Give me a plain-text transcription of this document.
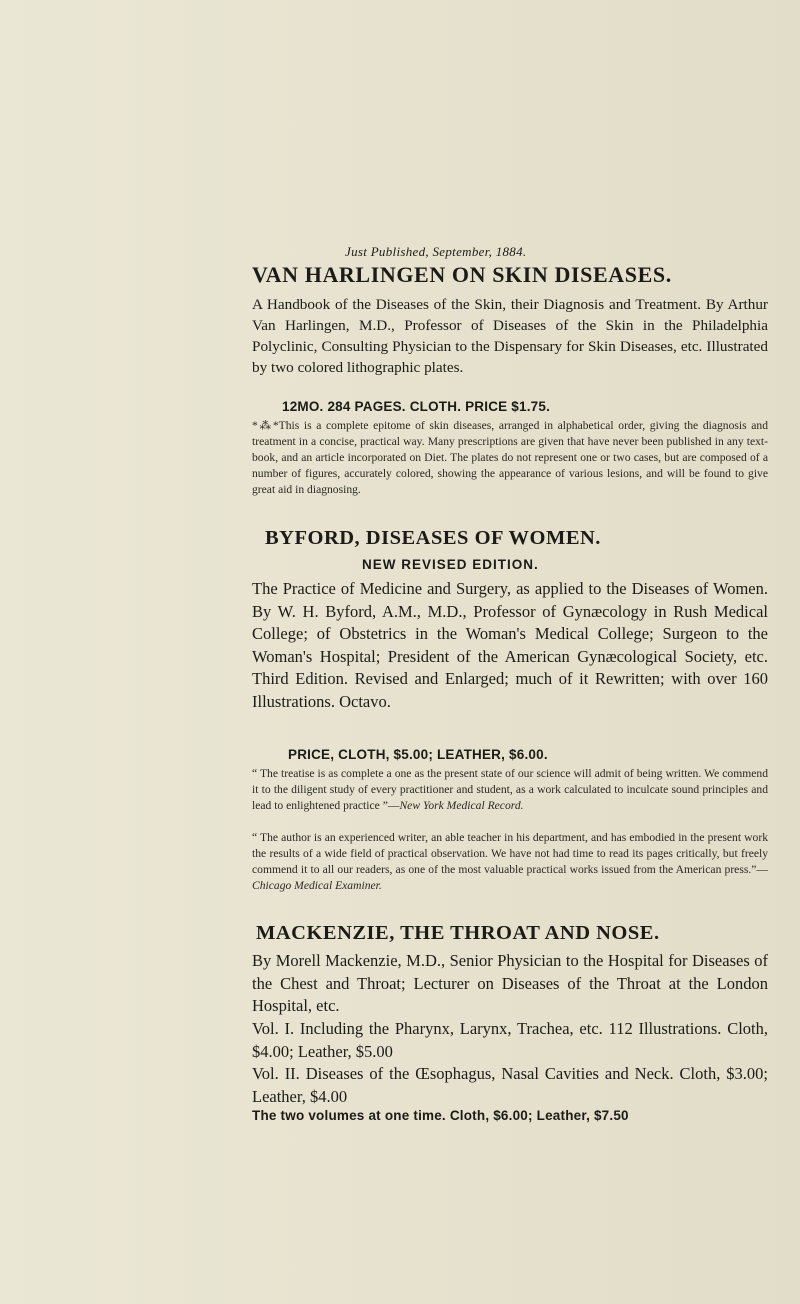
Just Published, September, 1884.
VAN HARLINGEN ON SKIN DISEASES.
A Handbook of the Diseases of the Skin, their Diagnosis and Treatment. By Arthur Van Harlingen, M.D., Professor of Diseases of the Skin in the Philadelphia Polyclinic, Consulting Physician to the Dispensary for Skin Diseases, etc. Illustrated by two colored lithographic plates.
12MO. 284 PAGES. CLOTH. PRICE $1.75.
*⁂*This is a complete epitome of skin diseases, arranged in alphabetical order, giving the diagnosis and treatment in a concise, practical way. Many prescriptions are given that have never been published in any text-book, and an article incorporated on Diet. The plates do not represent one or two cases, but are composed of a number of figures, accurately colored, showing the appearance of various lesions, and will be found to give great aid in diagnosing.
BYFORD, DISEASES OF WOMEN.
NEW REVISED EDITION.
The Practice of Medicine and Surgery, as applied to the Diseases of Women. By W. H. Byford, A.M., M.D., Professor of Gynæcology in Rush Medical College; of Obstetrics in the Woman's Medical College; Surgeon to the Woman's Hospital; President of the American Gynæcological Society, etc. Third Edition. Revised and Enlarged; much of it Rewritten; with over 160 Illustrations. Octavo.
PRICE, CLOTH, $5.00; LEATHER, $6.00.
“ The treatise is as complete a one as the present state of our science will admit of being written. We commend it to the diligent study of every practitioner and student, as a work calculated to inculcate sound principles and lead to enlightened practice ”—New York Medical Record.
“ The author is an experienced writer, an able teacher in his department, and has embodied in the present work the results of a wide field of practical observation. We have not had time to read its pages critically, but freely commend it to all our readers, as one of the most valuable practical works issued from the American press.”—Chicago Medical Examiner.
MACKENZIE, THE THROAT AND NOSE.
By Morell Mackenzie, M.D., Senior Physician to the Hospital for Diseases of the Chest and Throat; Lecturer on Diseases of the Throat at the London Hospital, etc.
Vol. I. Including the Pharynx, Larynx, Trachea, etc. 112 Illustrations. Cloth, $4.00; Leather, $5.00
Vol. II. Diseases of the Œsophagus, Nasal Cavities and Neck. Cloth, $3.00; Leather, $4.00
The two volumes at one time. Cloth, $6.00; Leather, $7.50
